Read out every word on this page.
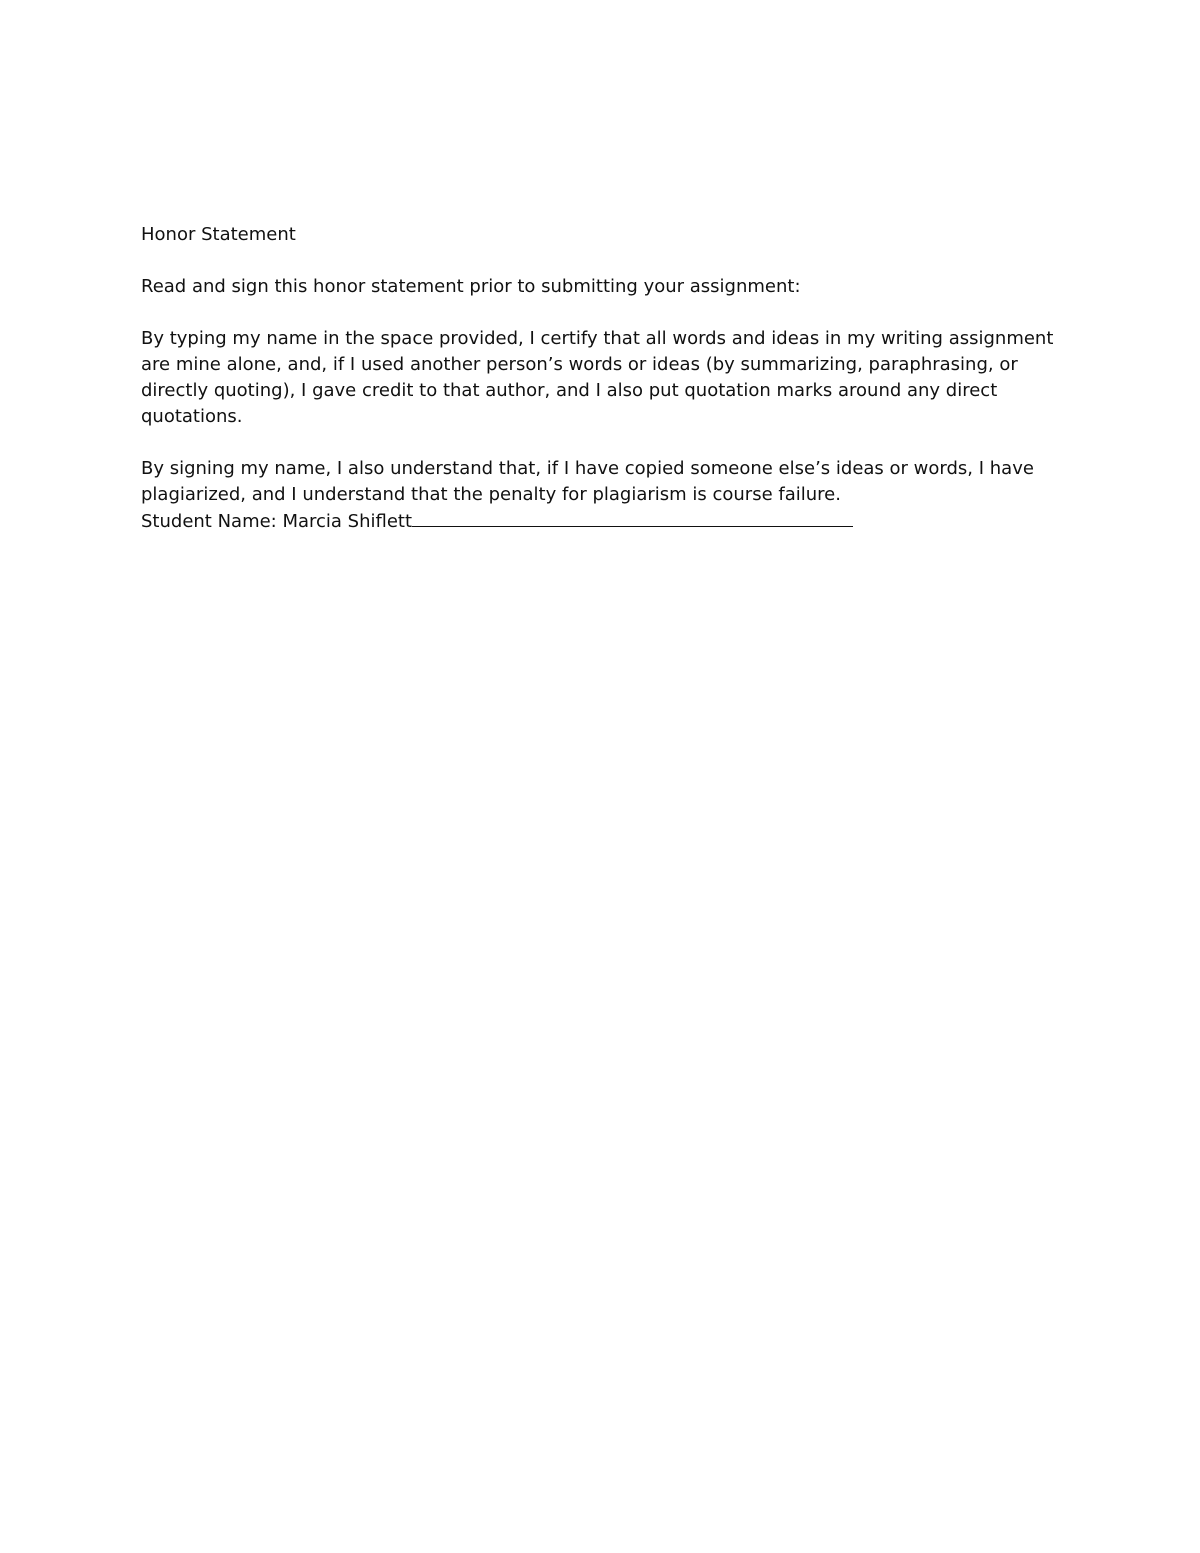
Honor Statement

Read and sign this honor statement prior to submitting your assignment:

By typing my name in the space provided, I certify that all words and ideas in my writing assignment are mine alone, and, if I used another person’s words or ideas (by summarizing, paraphrasing, or directly quoting), I gave credit to that author, and I also put quotation marks around any direct quotations.

By signing my name, I also understand that, if I have copied someone else’s ideas or words, I have plagiarized, and I understand that the penalty for plagiarism is course failure.

Student Name: Marcia Shiflett
